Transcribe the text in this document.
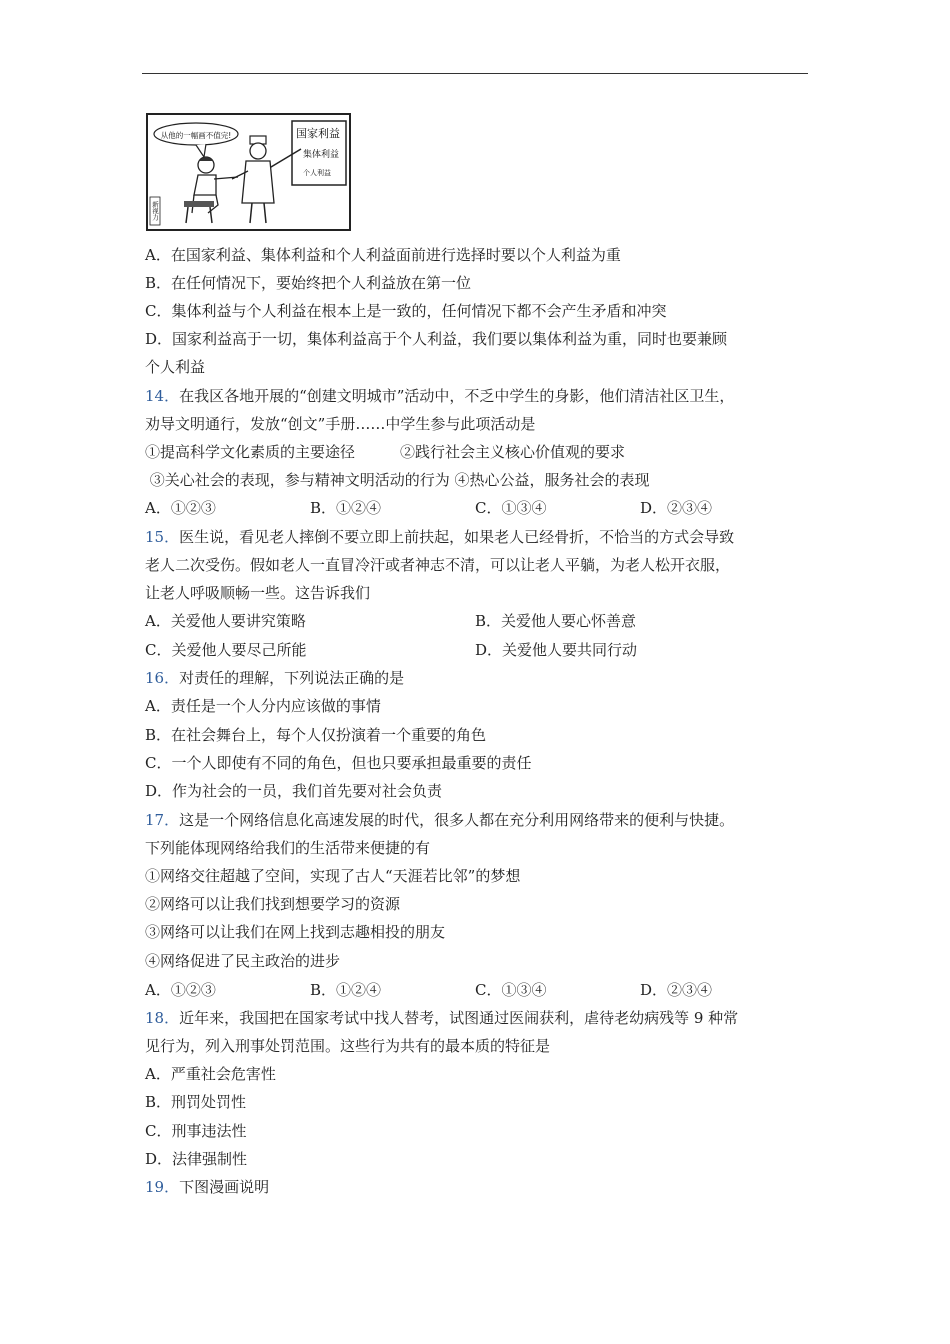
从他的一幅画不值完!	国家利益
集体利益
个人利益
新视力
A．在国家利益、集体利益和个人利益面前进行选择时要以个人利益为重
B．在任何情况下，要始终把个人利益放在第一位
C．集体利益与个人利益在根本上是一致的，任何情况下都不会产生矛盾和冲突
D．国家利益高于一切，集体利益高于个人利益，我们要以集体利益为重，同时也要兼顾
个人利益
14．在我区各地开展的“创建文明城市”活动中，不乏中学生的身影，他们清洁社区卫生，
劝导文明通行，发放“创文”手册……中学生参与此项活动是
①提高科学文化素质的主要途径　　　②践行社会主义核心价值观的要求
③关心社会的表现，参与精神文明活动的行为 ④热心公益，服务社会的表现
A．①②③	B．①②④	C．①③④	D．②③④
15．医生说，看见老人摔倒不要立即上前扶起，如果老人已经骨折，不恰当的方式会导致
老人二次受伤。假如老人一直冒冷汗或者神志不清，可以让老人平躺，为老人松开衣服，
让老人呼吸顺畅一些。这告诉我们
A．关爱他人要讲究策略	B．关爱他人要心怀善意
C．关爱他人要尽己所能	D．关爱他人要共同行动
16．对责任的理解，下列说法正确的是
A．责任是一个人分内应该做的事情
B．在社会舞台上，每个人仅扮演着一个重要的角色
C．一个人即使有不同的角色，但也只要承担最重要的责任
D．作为社会的一员，我们首先要对社会负责
17．这是一个网络信息化高速发展的时代，很多人都在充分利用网络带来的便利与快捷。
下列能体现网络给我们的生活带来便捷的有
①网络交往超越了空间，实现了古人“天涯若比邻”的梦想
②网络可以让我们找到想要学习的资源
③网络可以让我们在网上找到志趣相投的朋友
④网络促进了民主政治的进步
A．①②③	B．①②④	C．①③④	D．②③④
18．近年来，我国把在国家考试中找人替考，试图通过医闹获利，虐待老幼病残等 9 种常
见行为，列入刑事处罚范围。这些行为共有的最本质的特征是
A．严重社会危害性
B．刑罚处罚性
C．刑事违法性
D．法律强制性
19．下图漫画说明
